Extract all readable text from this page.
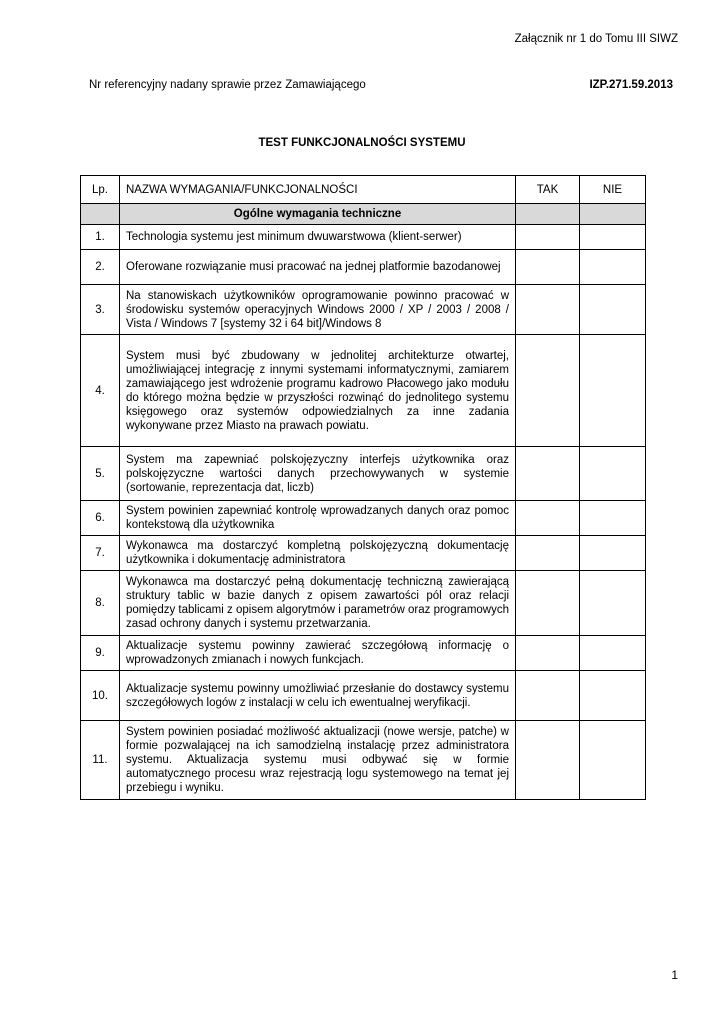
Załącznik nr 1 do Tomu III SIWZ
Nr referencyjny nadany sprawie przez Zamawiającego	IZP.271.59.2013
TEST FUNKCJONALNOŚCI SYSTEMU
Lp.	NAZWA WYMAGANIA/FUNKCJONALNOŚCI	TAK	NIE
	Ogólne wymagania techniczne		
1.	Technologia systemu jest minimum dwuwarstwowa (klient-serwer)		
2.	Oferowane rozwiązanie musi pracować na jednej platformie bazodanowej		
3.	Na stanowiskach użytkowników oprogramowanie powinno pracować w środowisku systemów operacyjnych Windows 2000 / XP / 2003 / 2008 / Vista / Windows 7 [systemy 32 i 64 bit]/Windows 8		
4.	System musi być zbudowany w jednolitej architekturze otwartej, umożliwiającej integrację z innymi systemami informatycznymi, zamiarem zamawiającego jest wdrożenie programu kadrowo Płacowego jako modułu do którego można będzie w przyszłości rozwinąć do jednolitego systemu księgowego oraz systemów odpowiedzialnych za inne zadania wykonywane przez Miasto na prawach powiatu.		
5.	System ma zapewniać polskojęzyczny interfejs użytkownika oraz polskojęzyczne wartości danych przechowywanych w systemie (sortowanie, reprezentacja dat, liczb)		
6.	System powinien zapewniać kontrolę wprowadzanych danych oraz pomoc kontekstową dla użytkownika		
7.	Wykonawca ma dostarczyć kompletną polskojęzyczną dokumentację użytkownika i dokumentację administratora		
8.	Wykonawca ma dostarczyć pełną dokumentację techniczną zawierającą struktury tablic w bazie danych z opisem zawartości pól oraz relacji pomiędzy tablicami z opisem algorytmów i parametrów oraz programowych zasad ochrony danych i systemu przetwarzania.		
9.	Aktualizacje systemu powinny zawierać szczegółową informację o wprowadzonych zmianach i nowych funkcjach.		
10.	Aktualizacje systemu powinny umożliwiać przesłanie do dostawcy systemu szczegółowych logów z instalacji w celu ich ewentualnej weryfikacji.		
11.	System powinien posiadać możliwość aktualizacji (nowe wersje, patche) w formie pozwalającej na ich samodzielną instalację przez administratora systemu. Aktualizacja systemu musi odbywać się w formie automatycznego procesu wraz rejestracją logu systemowego na temat jej przebiegu i wyniku.		
1
